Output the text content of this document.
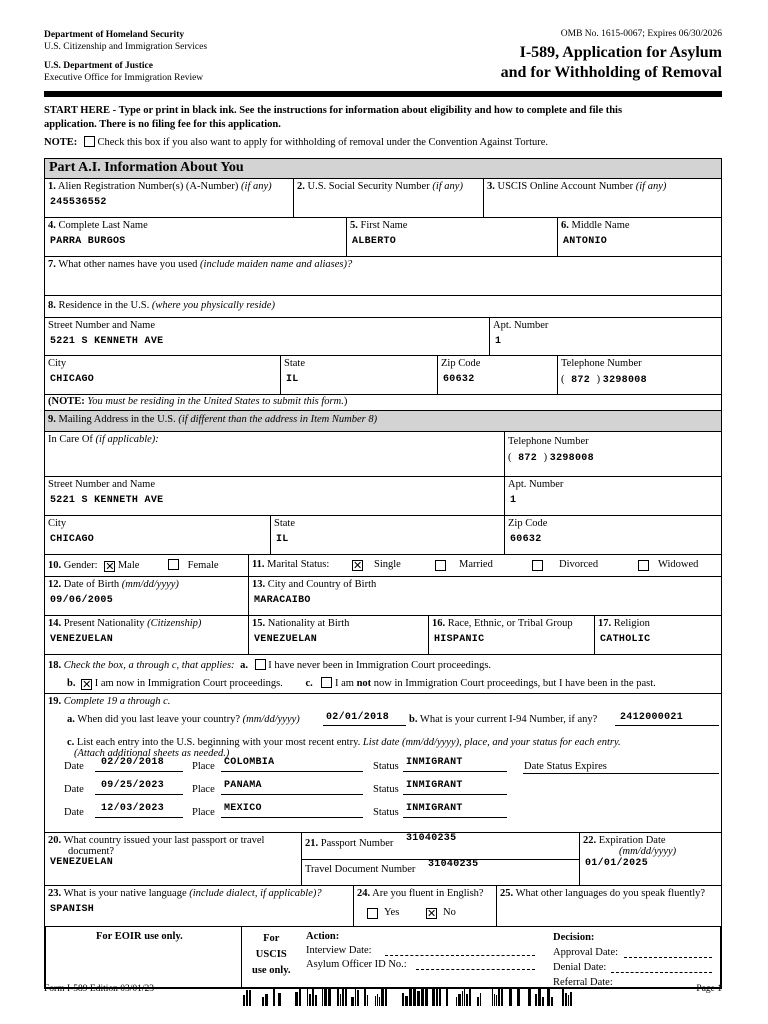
Department of Homeland Security
U.S. Citizenship and Immigration Services
U.S. Department of Justice
Executive Office for Immigration Review
OMB No. 1615-0067; Expires 06/30/2026
I-589, Application for Asylum
and for Withholding of Removal
START HERE - Type or print in black ink. See the instructions for information about eligibility and how to complete and file this
application. There is no filing fee for this application.
NOTE: Check this box if you also want to apply for withholding of removal under the Convention Against Torture.
Part A.I. Information About You
1. Alien Registration Number(s) (A-Number) (if any)
245536552
2. U.S. Social Security Number (if any) 3. USCIS Online Account Number (if any)
4. Complete Last Name
PARRA BURGOS
5. First Name
ALBERTO
6. Middle Name
ANTONIO
7. What other names have you used (include maiden name and aliases)?
8. Residence in the U.S. (where you physically reside)
Street Number and Name
5221 S KENNETH AVE
Apt. Number
1
City
CHICAGO
State
IL
Zip Code
60632
Telephone Number
( 872 ) 3298008
(NOTE: You must be residing in the United States to submit this form.)
9. Mailing Address in the U.S. (if different than the address in Item Number 8)
In Care Of (if applicable):	Telephone Number
( 872 ) 3298008
Street Number and Name
5221 S KENNETH AVE
Apt. Number
1
City
CHICAGO
State
IL
Zip Code
60632
10. Gender: ✕ Male	Female	11. Marital Status: ✕ Single	Married	Divorced	Widowed
12. Date of Birth (mm/dd/yyyy)
09/06/2005
13. City and Country of Birth
MARACAIBO
14. Present Nationality (Citizenship)
VENEZUELAN
15. Nationality at Birth
VENEZUELAN
16. Race, Ethnic, or Tribal Group
HISPANIC
17. Religion
CATHOLIC
18. Check the box, a through c, that applies: a. I have never been in Immigration Court proceedings.
b. ✕ I am now in Immigration Court proceedings. c. I am not now in Immigration Court proceedings, but I have been in the past.
19. Complete 19 a through c.
a. When did you last leave your country? (mm/dd/yyyy)	02/01/2018 b. What is your current I-94 Number, if any? 2412000021
c. List each entry into the U.S. beginning with your most recent entry. List date (mm/dd/yyyy), place, and your status for each entry.
(Attach additional sheets as needed.)
Date 02/20/2018	Place COLOMBIA	Status INMIGRANT
Date 09/25/2023	Place PANAMA	Status INMIGRANT
Date 12/03/2023	Place MEXICO	Status INMIGRANT
Date Status Expires
20. What country issued your last passport or travel
document?
VENEZUELAN
21. Passport Number 31040235
Travel Document Number 31040235
22. Expiration Date
(mm/dd/yyyy)
01/01/2025
23. What is your native language (include dialect, if applicable)?
SPANISH
24. Are you fluent in English?
Yes	✕ No
25. What other languages do you speak fluently?
For EOIR use only.	For
USCIS
use only.
Action:
Interview Date:
Asylum Officer ID No.:
Decision:
Approval Date:
Denial Date:
Referral Date:
Form I-589 Edition 03/01/23	Page 1
